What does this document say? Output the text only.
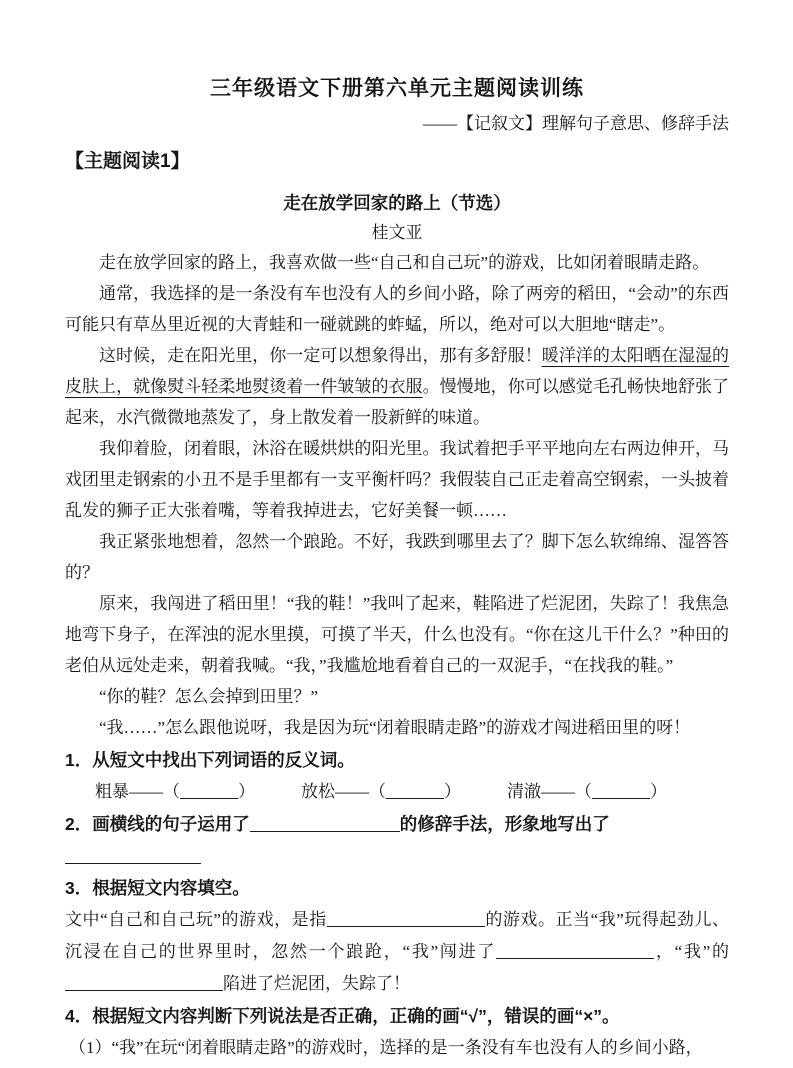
三年级语文下册第六单元主题阅读训练
——【记叙文】理解句子意思、修辞手法
【主题阅读1】
走在放学回家的路上（节选）
桂文亚

走在放学回家的路上，我喜欢做一些“自己和自己玩”的游戏，比如闭着眼睛走路。

通常，我选择的是一条没有车也没有人的乡间小路，除了两旁的稻田，“会动”的东西可能只有草丛里近视的大青蛙和一碰就跳的蚱蜢，所以，绝对可以大胆地“瞎走”。

这时候，走在阳光里，你一定可以想象得出，那有多舒服！暖洋洋的太阳晒在湿湿的皮肤上，就像熨斗轻柔地熨烫着一件皱皱的衣服。慢慢地，你可以感觉毛孔畅快地舒张了起来，水汽微微地蒸发了，身上散发着一股新鲜的味道。

我仰着脸，闭着眼，沐浴在暖烘烘的阳光里。我试着把手平平地向左右两边伸开，马戏团里走钢索的小丑不是手里都有一支平衡杆吗？我假装自己正走着高空钢索，一头披着乱发的狮子正大张着嘴，等着我掉进去，它好美餐一顿……

我正紧张地想着，忽然一个踉跄。不好，我跌到哪里去了？脚下怎么软绵绵、湿答答的？

原来，我闯进了稻田里！“我的鞋！”我叫了起来，鞋陷进了烂泥团，失踪了！我焦急地弯下身子，在浑浊的泥水里摸，可摸了半天，什么也没有。“你在这儿干什么？”种田的老伯从远处走来，朝着我喊。“我，”我尴尬地看着自己的一双泥手，“在找我的鞋。”

“你的鞋？怎么会掉到田里？”

“我……”怎么跟他说呀，我是因为玩“闭着眼睛走路”的游戏才闯进稻田里的呀！

1．从短文中找出下列词语的反义词。

粗暴——（	）	放松——（	）	清澈——（	）

2．画横线的句子运用了	的修辞手法，形象地写出了

3．根据短文内容填空。

文中“自己和自己玩”的游戏，是指	的游戏。正当“我”玩得起劲儿、沉浸在自己的世界里时，忽然一个踉跄，“我”闯进了	，“我”的陷进了烂泥团，失踪了！

4．根据短文内容判断下列说法是否正确，正确的画“√”，错误的画“×”。

（1）“我”在玩“闭着眼睛走路”的游戏时，选择的是一条没有车也没有人的乡间小路，
